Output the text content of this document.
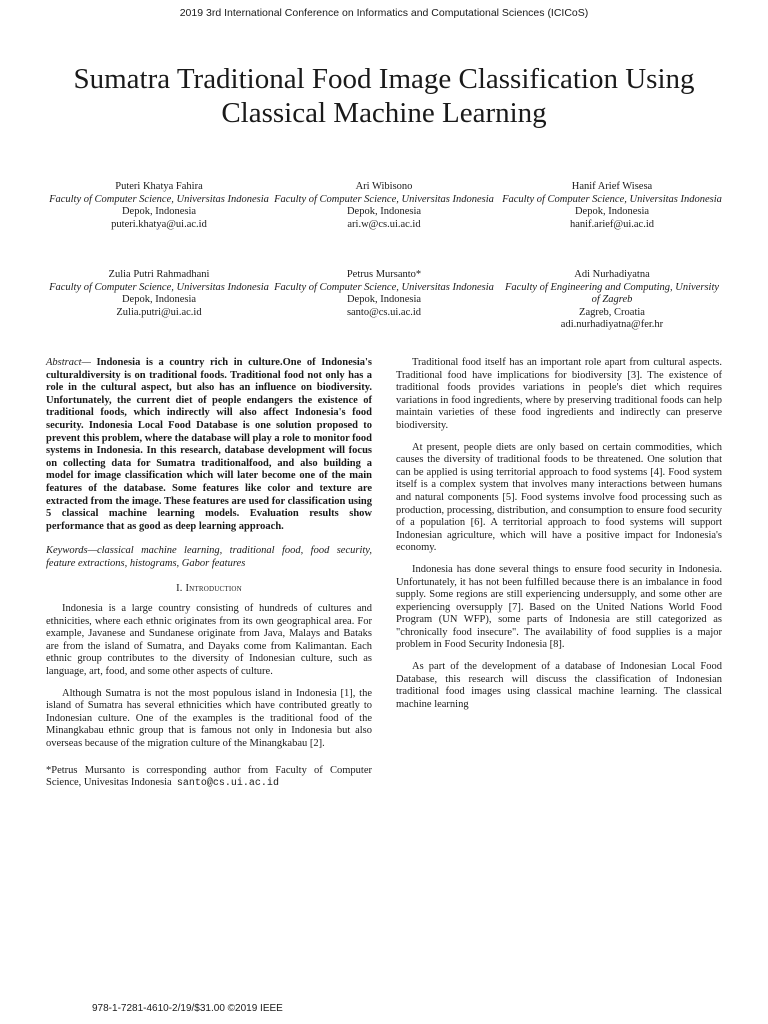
2019 3rd International Conference on Informatics and Computational Sciences (ICICoS)
Sumatra Traditional Food Image Classification Using Classical Machine Learning
Puteri Khatya Fahira
Faculty of Computer Science, Universitas Indonesia
Depok, Indonesia
puteri.khatya@ui.ac.id
Ari Wibisono
Faculty of Computer Science, Universitas Indonesia
Depok, Indonesia
ari.w@cs.ui.ac.id
Hanif Arief Wisesa
Faculty of Computer Science, Universitas Indonesia
Depok, Indonesia
hanif.arief@ui.ac.id
Zulia Putri Rahmadhani
Faculty of Computer Science, Universitas Indonesia
Depok, Indonesia
Zulia.putri@ui.ac.id
Petrus Mursanto*
Faculty of Computer Science, Universitas Indonesia
Depok, Indonesia
santo@cs.ui.ac.id
Adi Nurhadiyatna
Faculty of Engineering and Computing, University of Zagreb
Zagreb, Croatia
adi.nurhadiyatna@fer.hr

Abstract— Indonesia is a country rich in culture.One of Indonesia's culturaldiversity is on traditional foods. Traditional food not only has a role in the cultural aspect, but also has an influence on biodiversity. Unfortunately, the current diet of people endangers the existence of traditional foods, which indirectly will also affect Indonesia's food security. Indonesia Local Food Database is one solution proposed to prevent this problem, where the database will play a role to monitor food systems in Indonesia. In this research, database development will focus on collecting data for Sumatra traditionalfood, and also building a model for image classification which will later become one of the main features of the database. Some features like color and texture are extracted from the image. These features are used for classification using 5 classical machine learning models. Evaluation results show performance that as good as deep learning approach.

Keywords—classical machine learning, traditional food, food security, feature extractions, histograms, Gabor features

I. Introduction

Indonesia is a large country consisting of hundreds of cultures and ethnicities, where each ethnic originates from its own geographical area. For example, Javanese and Sundanese originate from Java, Malays and Bataks are from the island of Sumatra, and Dayaks come from Kalimantan. Each ethnic group contributes to the diversity of Indonesian culture, such as language, art, food, and some other aspects of culture.

Although Sumatra is not the most populous island in Indonesia [1], the island of Sumatra has several ethnicities which have contributed greatly to Indonesian culture. One of the examples is the traditional food of the Minangkabau ethnic group that is famous not only in Indonesia but also overseas because of the migration culture of the Minangkabau [2].

*Petrus Mursanto is corresponding author from Faculty of Computer Science, Univesitas Indonesia santo@cs.ui.ac.id

Traditional food itself has an important role apart from cultural aspects. Traditional food have implications for biodiversity [3]. The existence of traditional foods provides variations in people's diet which requires variations in food ingredients, where by preserving traditional foods can help maintain varieties of these food ingredients and indirectly can preserve biodiversity.

At present, people diets are only based on certain commodities, which causes the diversity of traditional foods to be threatened. One solution that can be applied is using territorial approach to food systems [4]. Food system itself is a complex system that involves many interactions between humans and natural components [5]. Food systems involve food processing such as production, processing, distribution, and consumption to ensure food security of a population [6]. A territorial approach to food systems will support Indonesian agriculture, which will have a positive impact for Indonesia's economy.

Indonesia has done several things to ensure food security in Indonesia. Unfortunately, it has not been fulfilled because there is an imbalance in food supply. Some regions are still experiencing undersupply, and some other are experiencing oversupply [7]. Based on the United Nations World Food Program (UN WFP), some parts of Indonesia are still categorized as "chronically food insecure". The availability of food supplies is a major problem in Food Security Indonesia [8].

As part of the development of a database of Indonesian Local Food Database, this research will discuss the classification of Indonesian traditional food images using classical machine learning. The classical machine learning

978-1-7281-4610-2/19/$31.00 ©2019 IEEE
